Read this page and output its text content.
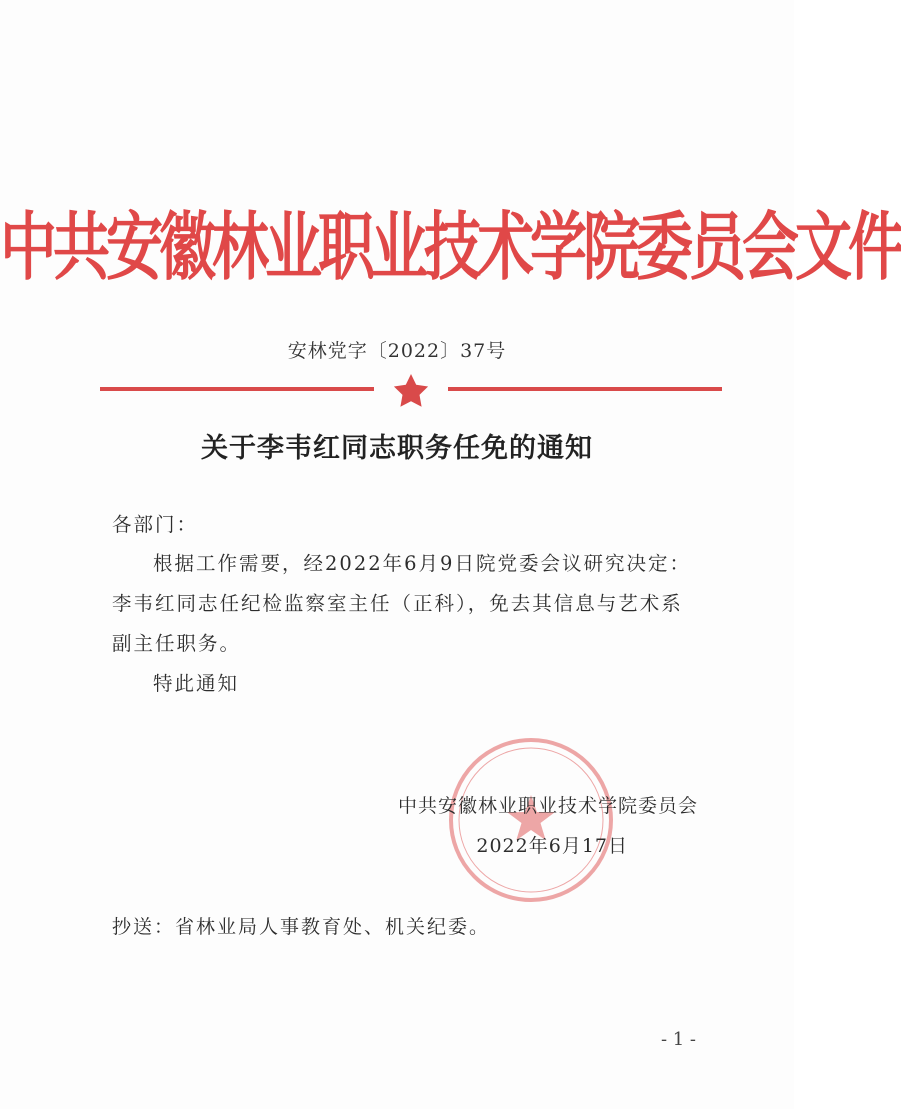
中共安徽林业职业技术学院委员会文件
安林党字〔2022〕37号
关于李韦红同志职务任免的通知
各部门：
根据工作需要，经2022年6月9日院党委会议研究决定：李韦红同志任纪检监察室主任（正科），免去其信息与艺术系副主任职务。
特此通知
中共安徽林业职业技术学院委员会
2022年6月17日
抄送：省林业局人事教育处、机关纪委。
- 1 -
